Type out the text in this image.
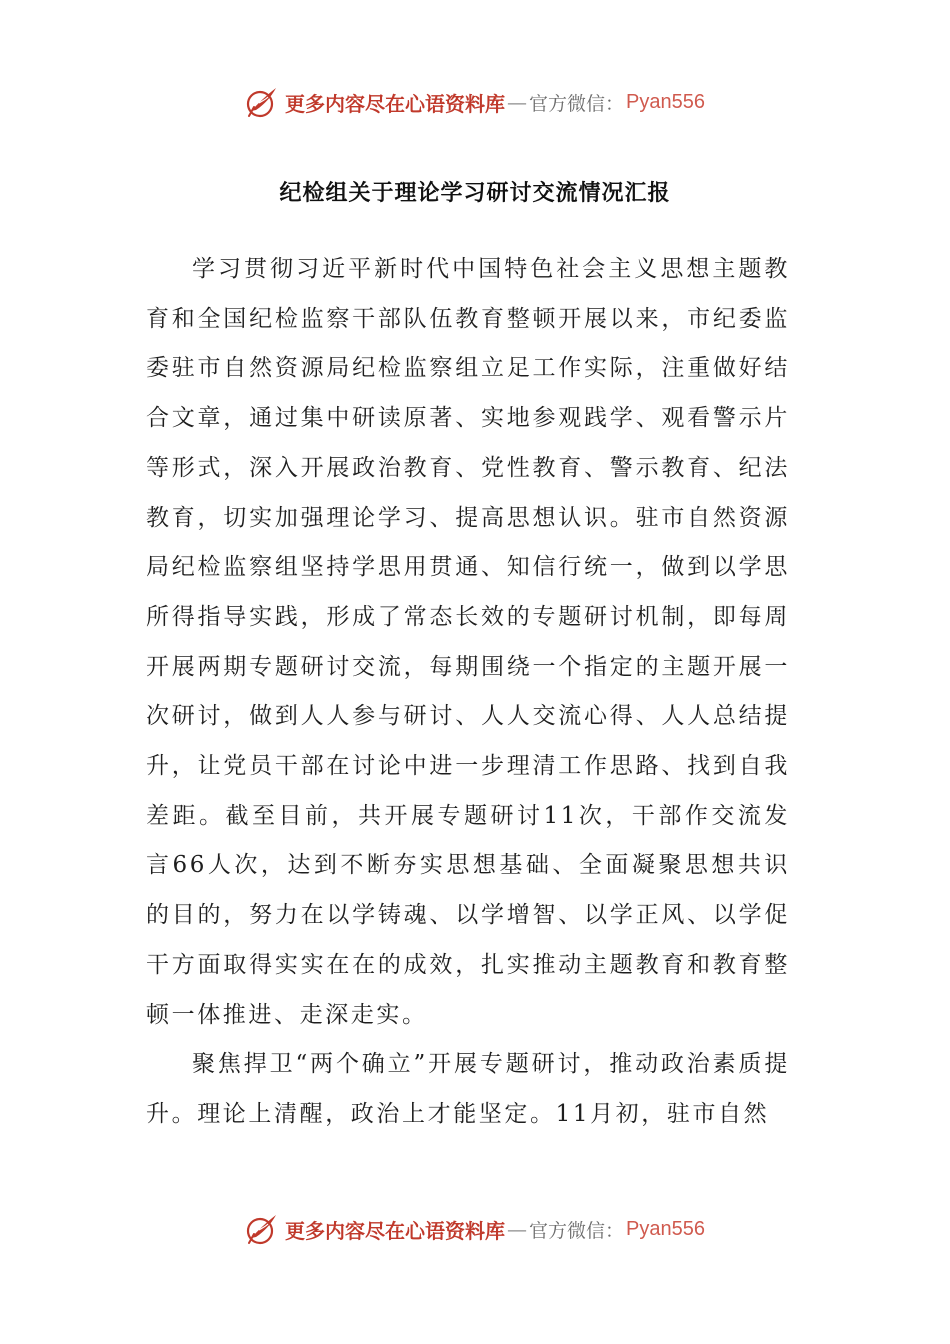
更多内容尽在心语资料库 — 官方微信： Pyan556
纪检组关于理论学习研讨交流情况汇报

学习贯彻习近平新时代中国特色社会主义思想主题教育和全国纪检监察干部队伍教育整顿开展以来，市纪委监委驻市自然资源局纪检监察组立足工作实际，注重做好结合文章，通过集中研读原著、实地参观践学、观看警示片等形式，深入开展政治教育、党性教育、警示教育、纪法教育，切实加强理论学习、提高思想认识。驻市自然资源局纪检监察组坚持学思用贯通、知信行统一，做到以学思所得指导实践，形成了常态长效的专题研讨机制，即每周开展两期专题研讨交流，每期围绕一个指定的主题开展一次研讨，做到人人参与研讨、人人交流心得、人人总结提升，让党员干部在讨论中进一步理清工作思路、找到自我差距。截至目前，共开展专题研讨11次，干部作交流发言66人次，达到不断夯实思想基础、全面凝聚思想共识的目的，努力在以学铸魂、以学增智、以学正风、以学促干方面取得实实在在的成效，扎实推动主题教育和教育整顿一体推进、走深走实。

聚焦捍卫“两个确立”开展专题研讨，推动政治素质提升。理论上清醒，政治上才能坚定。11月初，驻市自然

更多内容尽在心语资料库 — 官方微信： Pyan556
